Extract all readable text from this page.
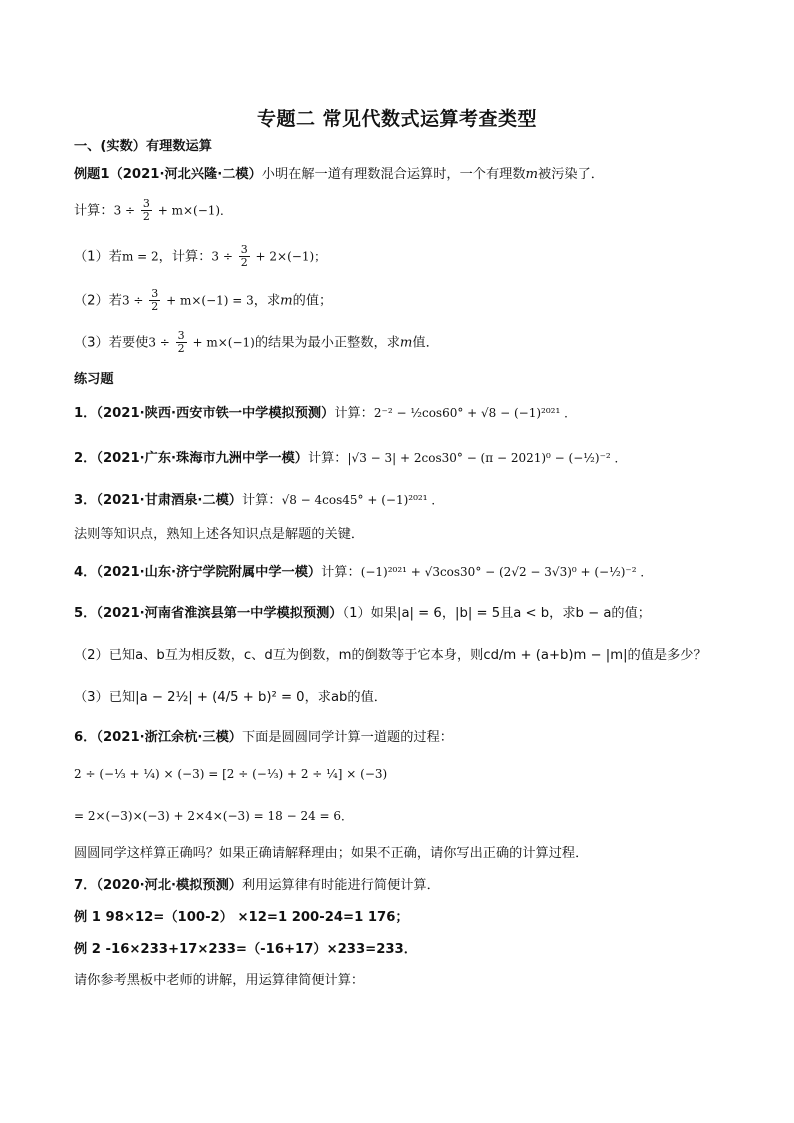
专题二 常见代数式运算考查类型
一、(实数）有理数运算
例题1（2021·河北兴隆·二模）小明在解一道有理数混合运算时，一个有理数m被污染了．
计算：$3 \div \frac{3}{2} + m\times(-1)$．
（1）若m = 2，计算：$3 \div \frac{3}{2} + 2\times(-1)$；
（2）若$3 \div \frac{3}{2} + m\times(-1) = 3$，求m的值；
（3）若要使$3 \div \frac{3}{2} + m\times(-1)$的结果为最小正整数，求m值．
练习题
1．（2021·陕西·西安市铁一中学模拟预测）计算：2⁻² − ½cos60° + √8 − (−1)²⁰²¹ ．
2．（2021·广东·珠海市九洲中学一模）计算：|√3 − 3| + 2cos30° − (π − 2021)⁰ − (−½)⁻² ．
3．（2021·甘肃酒泉·二模）计算：√8 − 4cos45° + (−1)²⁰²¹ ．
法则等知识点，熟知上述各知识点是解题的关键．
4．（2021·山东·济宁学院附属中学一模）计算：(−1)²⁰²¹ + √3cos30° − (2√2 − 3√3)⁰ + (−½)⁻² ．
5．（2021·河南省淮滨县第一中学模拟预测）（1）如果|a| = 6，|b| = 5且a < b，求b − a的值；
（2）已知a、b互为相反数，c、d互为倒数，m的倒数等于它本身，则cd/m + (a+b)m − |m|的值是多少？
（3）已知|a − 2½| + (4/5 + b)² = 0，求ab的值．
6．（2021·浙江余杭·三模）下面是圆圆同学计算一道题的过程：
2 ÷ (−⅓ + ¼) × (−3) = [2 ÷ (−⅓) + 2 ÷ ¼] × (−3)
= 2×(−3)×(−3) + 2×4×(−3) = 18 − 24 = 6．
圆圆同学这样算正确吗？如果正确请解释理由；如果不正确，请你写出正确的计算过程．
7．（2020·河北·模拟预测）利用运算律有时能进行简便计算．
例 1 98×12=（100-2） ×12=1 200-24=1 176；
例 2 -16×233+17×233=（-16+17）×233=233．
请你参考黑板中老师的讲解，用运算律简便计算：
